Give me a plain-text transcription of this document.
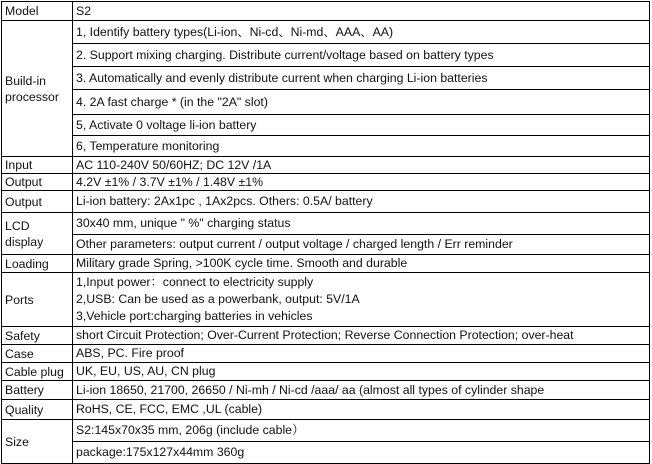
Model	S2
Build-in processor	1, Identify battery types(Li-ion、Ni-cd、Ni-md、AAA、AA)
	2. Support mixing charging. Distribute current/voltage based on battery types
	3. Automatically and evenly distribute current when charging Li-ion batteries
	4. 2A fast charge * (in the "2A" slot)
	5, Activate 0 voltage li-ion battery
	6, Temperature monitoring
Input	AC 110-240V 50/60HZ; DC 12V /1A
Output	4.2V ±1% / 3.7V ±1% / 1.48V ±1%
Output	Li-ion battery: 2Ax1pc , 1Ax2pcs. Others: 0.5A/ battery
LCD display	30x40 mm, unique " %" charging status
	Other parameters: output current / output voltage / charged length / Err reminder
Loading	Military grade Spring, >100K cycle time. Smooth and durable
Ports	1,Input power：connect to electricity supply
2,USB: Can be used as a powerbank, output: 5V/1A
3,Vehicle port:charging batteries in vehicles

Safety	short Circuit Protection; Over-Current Protection; Reverse Connection Protection; over-heat
Case	ABS, PC. Fire proof
Cable plug	UK, EU, US, AU, CN plug
Battery	Li-ion 18650, 21700, 26650 / Ni-mh / Ni-cd /aaa/ aa (almost all types of cylinder shape
Quality	RoHS, CE, FCC, EMC ,UL (cable)
Size	S2:145x70x35 mm, 206g (include cable）
	package:175x127x44mm 360g
